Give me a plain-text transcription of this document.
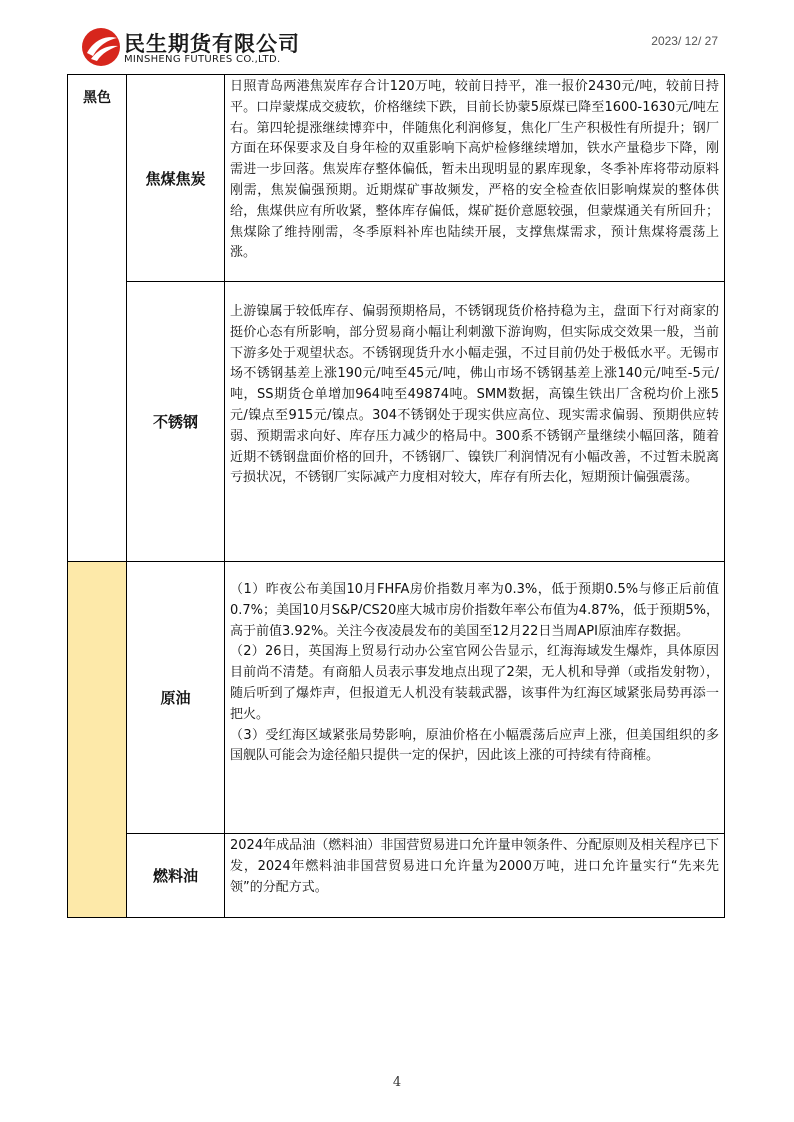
民生期货有限公司
MINSHENG FUTURES CO.,LTD.
2023/ 12/ 27
黑色
焦煤焦炭

日照青岛两港焦炭库存合计120万吨，较前日持平，准一报价2430元/吨，较前日持平。口岸蒙煤成交疲软，价格继续下跌，目前长协蒙5原煤已降至1600-1630元/吨左右。第四轮提涨继续博弈中，伴随焦化利润修复，焦化厂生产积极性有所提升；钢厂方面在环保要求及自身年检的双重影响下高炉检修继续增加，铁水产量稳步下降，刚需进一步回落。焦炭库存整体偏低，暂未出现明显的累库现象，冬季补库将带动原料刚需，焦炭偏强预期。近期煤矿事故频发，严格的安全检查依旧影响煤炭的整体供给，焦煤供应有所收紧，整体库存偏低，煤矿挺价意愿较强，但蒙煤通关有所回升；焦煤除了维持刚需，冬季原料补库也陆续开展，支撑焦煤需求，预计焦煤将震荡上涨。

不锈钢

上游镍属于较低库存、偏弱预期格局，不锈钢现货价格持稳为主，盘面下行对商家的挺价心态有所影响，部分贸易商小幅让利刺激下游询购，但实际成交效果一般，当前下游多处于观望状态。不锈钢现货升水小幅走强，不过目前仍处于极低水平。无锡市场不锈钢基差上涨190元/吨至45元/吨，佛山市场不锈钢基差上涨140元/吨至-5元/吨，SS期货仓单增加964吨至49874吨。SMM数据，高镍生铁出厂含税均价上涨5元/镍点至915元/镍点。304不锈钢处于现实供应高位、现实需求偏弱、预期供应转弱、预期需求向好、库存压力减少的格局中。300系不锈钢产量继续小幅回落，随着近期不锈钢盘面价格的回升，不锈钢厂、镍铁厂利润情况有小幅改善，不过暂未脱离亏损状况，不锈钢厂实际减产力度相对较大，库存有所去化，短期预计偏强震荡。

原油

（1）昨夜公布美国10月FHFA房价指数月率为0.3%，低于预期0.5%与修正后前值0.7%；美国10月S&P/CS20座大城市房价指数年率公布值为4.87%，低于预期5%，高于前值3.92%。关注今夜凌晨发布的美国至12月22日当周API原油库存数据。

（2）26日，英国海上贸易行动办公室官网公告显示，红海海域发生爆炸，具体原因目前尚不清楚。有商船人员表示事发地点出现了2架，无人机和导弹（或指发射物），随后听到了爆炸声，但报道无人机没有装载武器，该事件为红海区域紧张局势再添一把火。

（3）受红海区域紧张局势影响，原油价格在小幅震荡后应声上涨，但美国组织的多国舰队可能会为途径船只提供一定的保护，因此该上涨的可持续有待商榷。

燃料油

2024年成品油（燃料油）非国营贸易进口允许量申领条件、分配原则及相关程序已下发，2024年燃料油非国营贸易进口允许量为2000万吨，进口允许量实行“先来先领”的分配方式。

4
